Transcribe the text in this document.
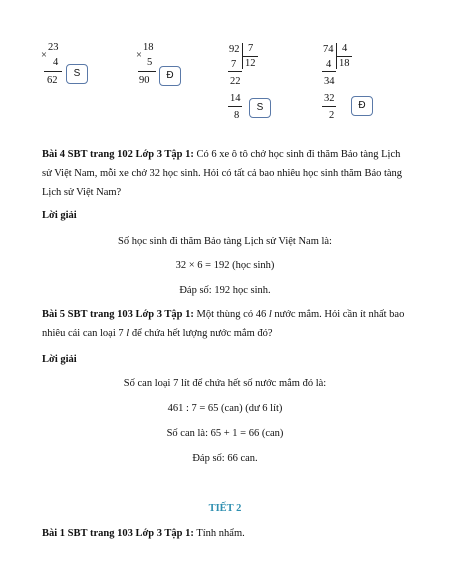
×
23
4
62
S
×
18
5
90	Đ
92 7
12
7
22
14
8
S
74 4
18
4
34
32
2
Đ
Bài 4 SBT trang 102 Lớp 3 Tập 1: Có 6 xe ô tô chở học sinh đi thăm Bảo tàng Lịch sử Việt Nam, mỗi xe chở 32 học sinh. Hỏi có tất cả bao nhiêu học sinh thăm Bảo tàng Lịch sử Việt Nam?
Lời giải
Số học sinh đi thăm Bảo tàng Lịch sử Việt Nam là:
32 × 6 = 192 (học sinh)
Đáp số: 192 học sinh.
Bài 5 SBT trang 103 Lớp 3 Tập 1: Một thùng có 46 l nước mắm. Hỏi cần ít nhất bao nhiêu cái can loại 7 l để chứa hết lượng nước mắm đó?
Lời giải
Số can loại 7 lít để chứa hết số nước mắm đó là:
461 : 7 = 65 (can) (dư 6 lít)
Số can là: 65 + 1 = 66 (can)
Đáp số: 66 can.
TIẾT 2
Bài 1 SBT trang 103 Lớp 3 Tập 1: Tính nhẩm.
